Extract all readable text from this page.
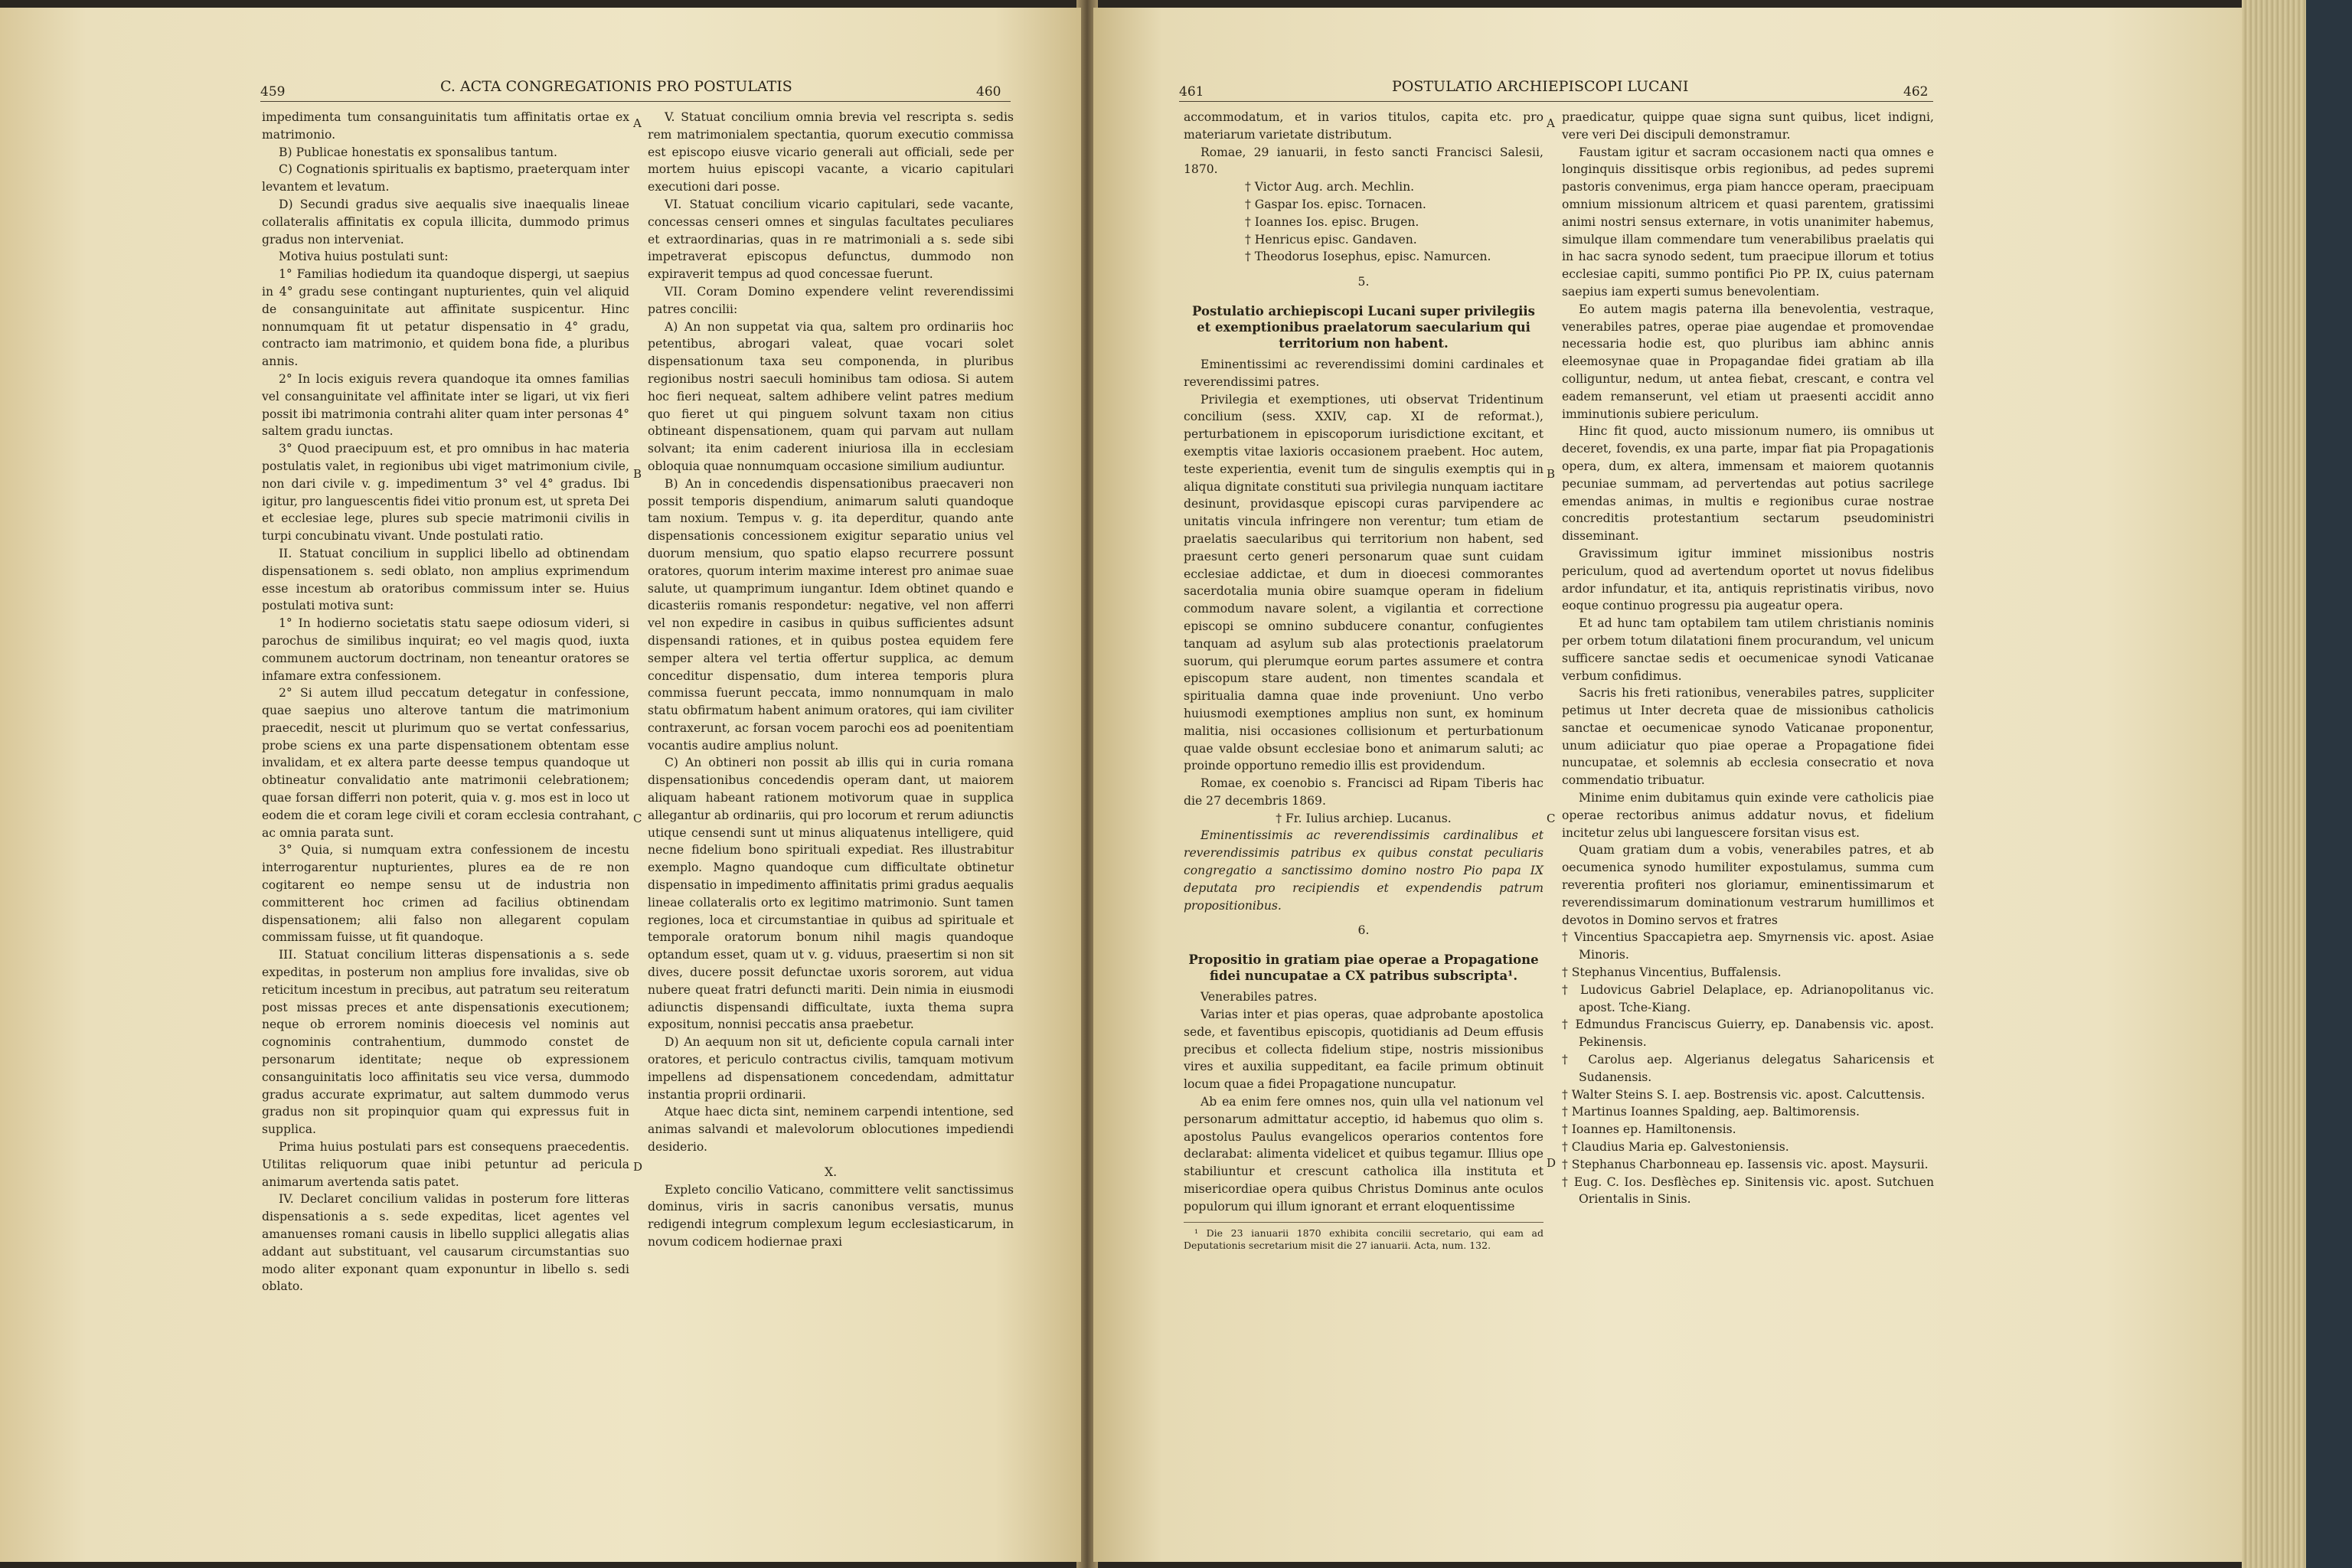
459	C. ACTA CONGREGATIONIS PRO POSTULATIS	460
A
B
C
D

impedimenta tum consanguinitatis tum affinitatis ortae ex matrimonio.

B) Publicae honestatis ex sponsalibus tantum.

C) Cognationis spiritualis ex baptismo, praeterquam inter levantem et levatum.

D) Secundi gradus sive aequalis sive inaequalis lineae collateralis affinitatis ex copula illicita, dummodo primus gradus non interveniat.

Motiva huius postulati sunt:

1° Familias hodiedum ita quandoque dispergi, ut saepius in 4° gradu sese contingant nupturientes, quin vel aliquid de consanguinitate aut affinitate suspicentur. Hinc nonnumquam fit ut petatur dispensatio in 4° gradu, contracto iam matrimonio, et quidem bona fide, a pluribus annis.

2° In locis exiguis revera quandoque ita omnes familias vel consanguinitate vel affinitate inter se ligari, ut vix fieri possit ibi matrimonia contrahi aliter quam inter personas 4° saltem gradu iunctas.

3° Quod praecipuum est, et pro omnibus in hac materia postulatis valet, in regionibus ubi viget matrimonium civile, non dari civile v. g. impedimentum 3° vel 4° gradus. Ibi igitur, pro languescentis fidei vitio pronum est, ut spreta Dei et ecclesiae lege, plures sub specie matrimonii civilis in turpi concubinatu vivant. Unde postulati ratio.

II. Statuat concilium in supplici libello ad obtinendam dispensationem s. sedi oblato, non amplius exprimendum esse incestum ab oratoribus commissum inter se. Huius postulati motiva sunt:

1° In hodierno societatis statu saepe odiosum videri, si parochus de similibus inquirat; eo vel magis quod, iuxta communem auctorum doctrinam, non teneantur oratores se infamare extra confessionem.

2° Si autem illud peccatum detegatur in confessione, quae saepius uno alterove tantum die matrimonium praecedit, nescit ut plurimum quo se vertat confessarius, probe sciens ex una parte dispensationem obtentam esse invalidam, et ex altera parte deesse tempus quandoque ut obtineatur convalidatio ante matrimonii celebrationem; quae forsan differri non poterit, quia v. g. mos est in loco ut eodem die et coram lege civili et coram ecclesia contrahant, ac omnia parata sunt.

3° Quia, si numquam extra confessionem de incestu interrogarentur nupturientes, plures ea de re non cogitarent eo nempe sensu ut de industria non committerent hoc crimen ad facilius obtinendam dispensationem; alii falso non allegarent copulam commissam fuisse, ut fit quandoque.

III. Statuat concilium litteras dispensationis a s. sede expeditas, in posterum non amplius fore invalidas, sive ob reticitum incestum in precibus, aut patratum seu reiteratum post missas preces et ante dispensationis executionem; neque ob errorem nominis dioecesis vel nominis aut cognominis contrahentium, dummodo constet de personarum identitate; neque ob expressionem consanguinitatis loco affinitatis seu vice versa, dummodo gradus accurate exprimatur, aut saltem dummodo verus gradus non sit propinquior quam qui expressus fuit in supplica.

Prima huius postulati pars est consequens praecedentis. Utilitas reliquorum quae inibi petuntur ad pericula animarum avertenda satis patet.

IV. Declaret concilium validas in posterum fore litteras dispensationis a s. sede expeditas, licet agentes vel amanuenses romani causis in libello supplici allegatis alias addant aut substituant, vel causarum circumstantias suo modo aliter exponant quam exponuntur in libello s. sedi oblato.

V. Statuat concilium omnia brevia vel rescripta s. sedis rem matrimonialem spectantia, quorum executio commissa est episcopo eiusve vicario generali aut officiali, sede per mortem huius episcopi vacante, a vicario capitulari executioni dari posse.

VI. Statuat concilium vicario capitulari, sede vacante, concessas censeri omnes et singulas facultates peculiares et extraordinarias, quas in re matrimoniali a s. sede sibi impetraverat episcopus defunctus, dummodo non expiraverit tempus ad quod concessae fuerunt.

VII. Coram Domino expendere velint reverendissimi patres concilii:

A) An non suppetat via qua, saltem pro ordinariis hoc petentibus, abrogari valeat, quae vocari solet dispensationum taxa seu componenda, in pluribus regionibus nostri saeculi hominibus tam odiosa. Si autem hoc fieri nequeat, saltem adhibere velint patres medium quo fieret ut qui pinguem solvunt taxam non citius obtineant dispensationem, quam qui parvam aut nullam solvant; ita enim caderent iniuriosa illa in ecclesiam obloquia quae nonnumquam occasione similium audiuntur.

B) An in concedendis dispensationibus praecaveri non possit temporis dispendium, animarum saluti quandoque tam noxium. Tempus v. g. ita deperditur, quando ante dispensationis concessionem exigitur separatio unius vel duorum mensium, quo spatio elapso recurrere possunt oratores, quorum interim maxime interest pro animae suae salute, ut quamprimum iungantur. Idem obtinet quando e dicasteriis romanis respondetur: negative, vel non afferri vel non expedire in casibus in quibus sufficientes adsunt dispensandi rationes, et in quibus postea equidem fere semper altera vel tertia offertur supplica, ac demum conceditur dispensatio, dum interea temporis plura commissa fuerunt peccata, immo nonnumquam in malo statu obfirmatum habent animum oratores, qui iam civiliter contraxerunt, ac forsan vocem parochi eos ad poenitentiam vocantis audire amplius nolunt.

C) An obtineri non possit ab illis qui in curia romana dispensationibus concedendis operam dant, ut maiorem aliquam habeant rationem motivorum quae in supplica allegantur ab ordinariis, qui pro locorum et rerum adiunctis utique censendi sunt ut minus aliquatenus intelligere, quid necne fidelium bono spirituali expediat. Res illustrabitur exemplo. Magno quandoque cum difficultate obtinetur dispensatio in impedimento affinitatis primi gradus aequalis lineae collateralis orto ex legitimo matrimonio. Sunt tamen regiones, loca et circumstantiae in quibus ad spirituale et temporale oratorum bonum nihil magis quandoque optandum esset, quam ut v. g. viduus, praesertim si non sit dives, ducere possit defunctae uxoris sororem, aut vidua nubere queat fratri defuncti mariti. Dein nimia in eiusmodi adiunctis dispensandi difficultate, iuxta thema supra expositum, nonnisi peccatis ansa praebetur.

D) An aequum non sit ut, deficiente copula carnali inter oratores, et periculo contractus civilis, tamquam motivum impellens ad dispensationem concedendam, admittatur instantia proprii ordinarii.

Atque haec dicta sint, neminem carpendi intentione, sed animas salvandi et malevolorum oblocutiones impediendi desiderio.

X.

Expleto concilio Vaticano, committere velit sanctissimus dominus, viris in sacris canonibus versatis, munus redigendi integrum complexum legum ecclesiasticarum, in novum codicem hodiernae praxi

461	POSTULATIO ARCHIEPISCOPI LUCANI	462
A
B
C
D

accommodatum, et in varios titulos, capita etc. pro materiarum varietate distributum.

Romae, 29 ianuarii, in festo sancti Francisci Salesii, 1870.

† Victor Aug. arch. Mechlin.

† Gaspar Ios. episc. Tornacen.

† Ioannes Ios. episc. Brugen.

† Henricus episc. Gandaven.

† Theodorus Iosephus, episc. Namurcen.

5.

Postulatio archiepiscopi Lucani super privilegiis et exemptionibus praelatorum saecularium qui territorium non habent.

Eminentissimi ac reverendissimi domini cardinales et reverendissimi patres.

Privilegia et exemptiones, uti observat Tridentinum concilium (sess. XXIV, cap. XI de reformat.), perturbationem in episcoporum iurisdictione excitant, et exemptis vitae laxioris occasionem praebent. Hoc autem, teste experientia, evenit tum de singulis exemptis qui in aliqua dignitate constituti sua privilegia nunquam iactitare desinunt, providasque episcopi curas parvipendere ac unitatis vincula infringere non verentur; tum etiam de praelatis saecularibus qui territorium non habent, sed praesunt certo generi personarum quae sunt cuidam ecclesiae addictae, et dum in dioecesi commorantes sacerdotalia munia obire suamque operam in fidelium commodum navare solent, a vigilantia et correctione episcopi se omnino subducere conantur, confugientes tanquam ad asylum sub alas protectionis praelatorum suorum, qui plerumque eorum partes assumere et contra episcopum stare audent, non timentes scandala et spiritualia damna quae inde proveniunt. Uno verbo huiusmodi exemptiones amplius non sunt, ex hominum malitia, nisi occasiones collisionum et perturbationum quae valde obsunt ecclesiae bono et animarum saluti; ac proinde opportuno remedio illis est providendum.

Romae, ex coenobio s. Francisci ad Ripam Tiberis hac die 27 decembris 1869.

† Fr. Iulius archiep. Lucanus.

Eminentissimis ac reverendissimis cardinalibus et reverendissimis patribus ex quibus constat peculiaris congregatio a sanctissimo domino nostro Pio papa IX deputata pro recipiendis et expendendis patrum propositionibus.

6.

Propositio in gratiam piae operae a Propagatione fidei nuncupatae a CX patribus subscripta¹.

Venerabiles patres.

Varias inter et pias operas, quae adprobante apostolica sede, et faventibus episcopis, quotidianis ad Deum effusis precibus et collecta fidelium stipe, nostris missionibus vires et auxilia suppeditant, ea facile primum obtinuit locum quae a fidei Propagatione nuncupatur.

Ab ea enim fere omnes nos, quin ulla vel nationum vel personarum admittatur acceptio, id habemus quo olim s. apostolus Paulus evangelicos operarios contentos fore declarabat: alimenta videlicet et quibus tegamur. Illius ope stabiliuntur et crescunt catholica illa instituta et misericordiae opera quibus Christus Dominus ante oculos populorum qui illum ignorant et errant eloquentissime

¹ Die 23 ianuarii 1870 exhibita concilii secretario, qui eam ad Deputationis secretarium misit die 27 ianuarii. Acta, num. 132.

praedicatur, quippe quae signa sunt quibus, licet indigni, vere veri Dei discipuli demonstramur.

Faustam igitur et sacram occasionem nacti qua omnes e longinquis dissitisque orbis regionibus, ad pedes supremi pastoris convenimus, erga piam hancce operam, praecipuam omnium missionum altricem et quasi parentem, gratissimi animi nostri sensus externare, in votis unanimiter habemus, simulque illam commendare tum venerabilibus praelatis qui in hac sacra synodo sedent, tum praecipue illorum et totius ecclesiae capiti, summo pontifici Pio PP. IX, cuius paternam saepius iam experti sumus benevolentiam.

Eo autem magis paterna illa benevolentia, vestraque, venerabiles patres, operae piae augendae et promovendae necessaria hodie est, quo pluribus iam abhinc annis eleemosynae quae in Propagandae fidei gratiam ab illa colliguntur, nedum, ut antea fiebat, crescant, e contra vel eadem remanserunt, vel etiam ut praesenti accidit anno imminutionis subiere periculum.

Hinc fit quod, aucto missionum numero, iis omnibus ut deceret, fovendis, ex una parte, impar fiat pia Propagationis opera, dum, ex altera, immensam et maiorem quotannis pecuniae summam, ad pervertendas aut potius sacrilege emendas animas, in multis e regionibus curae nostrae concreditis protestantium sectarum pseudoministri disseminant.

Gravissimum igitur imminet missionibus nostris periculum, quod ad avertendum oportet ut novus fidelibus ardor infundatur, et ita, antiquis repristinatis viribus, novo eoque continuo progressu pia augeatur opera.

Et ad hunc tam optabilem tam utilem christianis nominis per orbem totum dilatationi finem procurandum, vel unicum sufficere sanctae sedis et oecumenicae synodi Vaticanae verbum confidimus.

Sacris his freti rationibus, venerabiles patres, suppliciter petimus ut Inter decreta quae de missionibus catholicis sanctae et oecumenicae synodo Vaticanae proponentur, unum adiiciatur quo piae operae a Propagatione fidei nuncupatae, et solemnis ab ecclesia consecratio et nova commendatio tribuatur.

Minime enim dubitamus quin exinde vere catholicis piae operae rectoribus animus addatur novus, et fidelium incitetur zelus ubi languescere forsitan visus est.

Quam gratiam dum a vobis, venerabiles patres, et ab oecumenica synodo humiliter expostulamus, summa cum reverentia profiteri nos gloriamur, eminentissimarum et reverendissimarum dominationum vestrarum humillimos et devotos in Domino servos et fratres

† Vincentius Spaccapietra aep. Smyrnensis vic. apost. Asiae Minoris.

† Stephanus Vincentius, Buffalensis.

† Ludovicus Gabriel Delaplace, ep. Adrianopolitanus vic. apost. Tche-Kiang.

† Edmundus Franciscus Guierry, ep. Danabensis vic. apost. Pekinensis.

† Carolus aep. Algerianus delegatus Saharicensis et Sudanensis.

† Walter Steins S. I. aep. Bostrensis vic. apost. Calcuttensis.

† Martinus Ioannes Spalding, aep. Baltimorensis.

† Ioannes ep. Hamiltonensis.

† Claudius Maria ep. Galvestoniensis.

† Stephanus Charbonneau ep. Iassensis vic. apost. Maysurii.

† Eug. C. Ios. Desflèches ep. Sinitensis vic. apost. Sutchuen Orientalis in Sinis.
